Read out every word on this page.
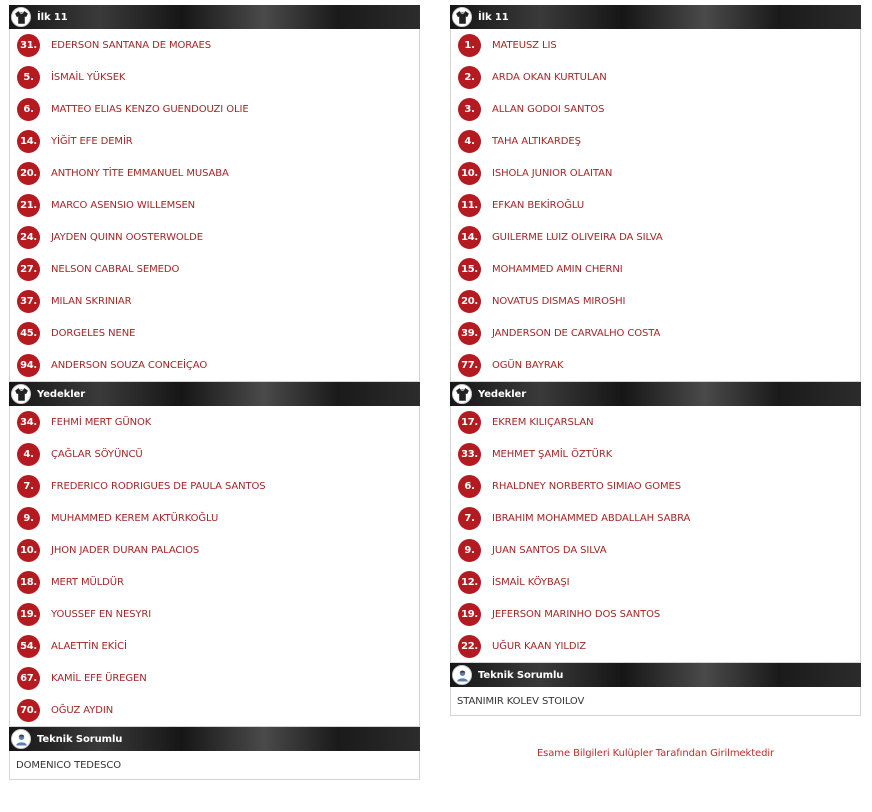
İlk 11
31.	EDERSON SANTANA DE MORAES
5.	İSMAİL YÜKSEK
6.	MATTEO ELIAS KENZO GUENDOUZI OLIE
14.	YİĞİT EFE DEMİR
20.	ANTHONY TİTE EMMANUEL MUSABA
21.	MARCO ASENSIO WILLEMSEN
24.	JAYDEN QUINN OOSTERWOLDE
27.	NELSON CABRAL SEMEDO
37.	MILAN SKRINIAR
45.	DORGELES NENE
94.	ANDERSON SOUZA CONCEİÇAO
Yedekler
34.	FEHMİ MERT GÜNOK
4.	ÇAĞLAR SÖYÜNCÜ
7.	FREDERICO RODRIGUES DE PAULA SANTOS
9.	MUHAMMED KEREM AKTÜRKOĞLU
10.	JHON JADER DURAN PALACIOS
18.	MERT MÜLDÜR
19.	YOUSSEF EN NESYRI
54.	ALAETTİN EKİCİ
67.	KAMİL EFE ÜREGEN
70.	OĞUZ AYDIN
Teknik Sorumlu
DOMENICO TEDESCO
İlk 11
1.	MATEUSZ LIS
2.	ARDA OKAN KURTULAN
3.	ALLAN GODOI SANTOS
4.	TAHA ALTIKARDEŞ
10.	ISHOLA JUNIOR OLAITAN
11.	EFKAN BEKİROĞLU
14.	GUILERME LUIZ OLIVEIRA DA SILVA
15.	MOHAMMED AMIN CHERNI
20.	NOVATUS DISMAS MIROSHI
39.	JANDERSON DE CARVALHO COSTA
77.	OGÜN BAYRAK
Yedekler
17.	EKREM KILIÇARSLAN
33.	MEHMET ŞAMİL ÖZTÜRK
6.	RHALDNEY NORBERTO SIMIAO GOMES
7.	IBRAHIM MOHAMMED ABDALLAH SABRA
9.	JUAN SANTOS DA SILVA
12.	İSMAİL KÖYBAŞI
19.	JEFERSON MARINHO DOS SANTOS
22.	UĞUR KAAN YILDIZ
Teknik Sorumlu
STANIMIR KOLEV STOILOV
Esame Bilgileri Kulüpler Tarafından Girilmektedir
